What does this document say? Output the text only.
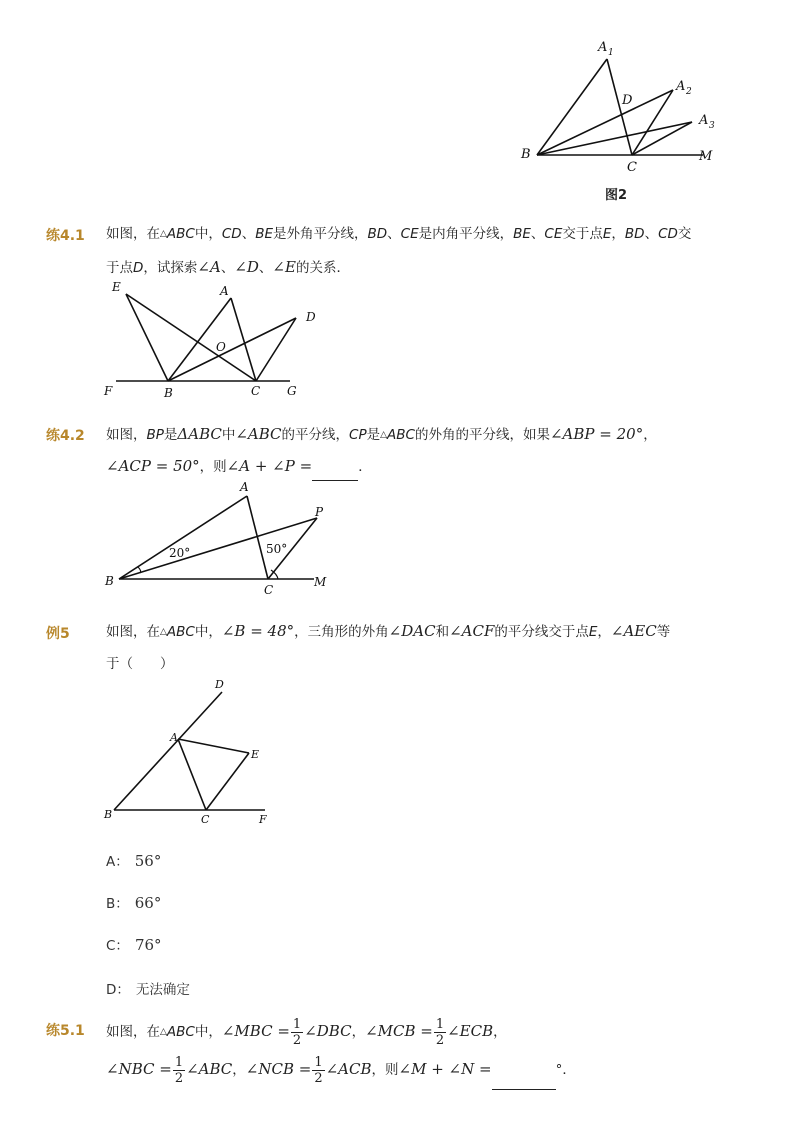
A 1
A 2
A 3
D
B
C
M
图2
练4.1 如图，在△ABC中，CD、BE是外角平分线，BD、CE是内角平分线，BE、CE交于点E，BD、CD交
于点D，试探索∠A、∠D、∠E的关系．
E	A
D
O
F	B	C G
练4.2 如图，BP是ΔABC中∠ABC的平分线，CP是△ABC的外角的平分线，如果∠ABP = 20°，
∠ACP = 50°，则∠A + ∠P =	．
A
P
B
C
M
20°	50°
例5	如图，在△ABC中，∠B = 48°，三角形的外角∠DAC和∠ACF的平分线交于点E，∠AEC等
于（　　）
D
A
E
B	C	F
A： 56°
B： 66°
C： 76°
D： 无法确定
练5.1 如图，在△ABC中，∠MBC = $\frac{1}{2}$ ∠DBC，∠MCB = $\frac{1}{2}$ ∠ECB，
∠NBC = $\frac{1}{2}$ ∠ABC，∠NCB = $\frac{1}{2}$ ∠ACB，则∠M + ∠N =	°．
